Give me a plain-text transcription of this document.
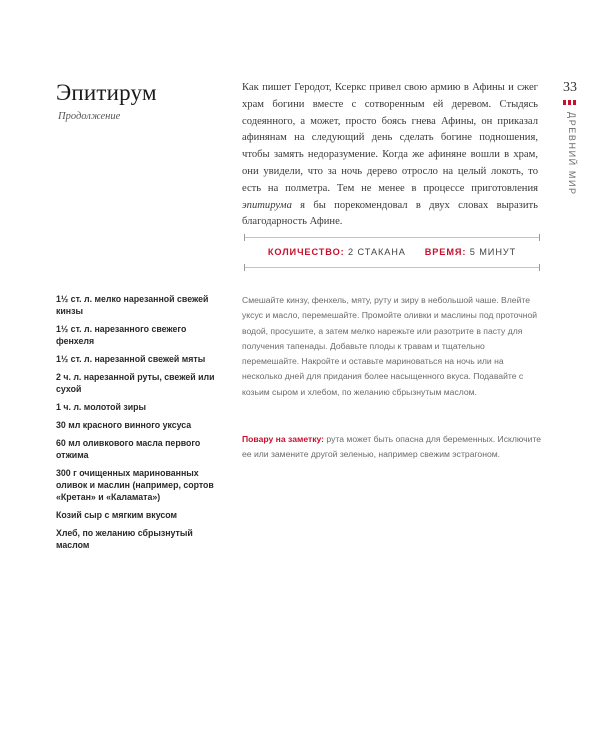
Эпитирум

Продолжение

Как пишет Геродот, Ксеркс привел свою армию в Афины и сжег храм богини вместе с сотворенным ей деревом. Стыдясь содеянного, а может, просто боясь гнева Афины, он приказал афинянам на следующий день сделать богине подношения, чтобы замять недоразумение. Когда же афиняне вошли в храм, они увидели, что за ночь дерево отросло на целый локоть, то есть на полметра. Тем не менее в процессе приготовления эпитирума я бы порекомендовал в двух словах выразить благодарность Афине.

33
ДРЕВНИЙ МИР
КОЛИЧЕСТВО: 2 СТАКАНА ВРЕМЯ: 5 МИНУТ
1½ ст. л. мелко нарезанной свежей кинзы
1½ ст. л. нарезанного свежего фенхеля
1½ ст. л. нарезанной свежей мяты
2 ч. л. нарезанной руты, свежей или сухой
1 ч. л. молотой зиры
30 мл красного винного уксуса
60 мл оливкового масла первого отжима
300 г очищенных маринованных оливок и маслин (например, сортов «Кретан» и «Каламата»)
Козий сыр с мягким вкусом
Хлеб, по желанию сбрызнутый маслом

Смешайте кинзу, фенхель, мяту, руту и зиру в небольшой чаше. Влейте уксус и масло, перемешайте. Промойте оливки и маслины под проточной водой, просушите, а затем мелко нарежьте или разотрите в пасту для получения тапенады. Добавьте плоды к травам и тщательно перемешайте. Накройте и оставьте мариноваться на ночь или на несколько дней для придания более насыщенного вкуса. Подавайте с козьим сыром и хлебом, по желанию сбрызнутым маслом.

Повару на заметку: рута может быть опасна для беременных. Исключите ее или замените другой зеленью, например свежим эстрагоном.
